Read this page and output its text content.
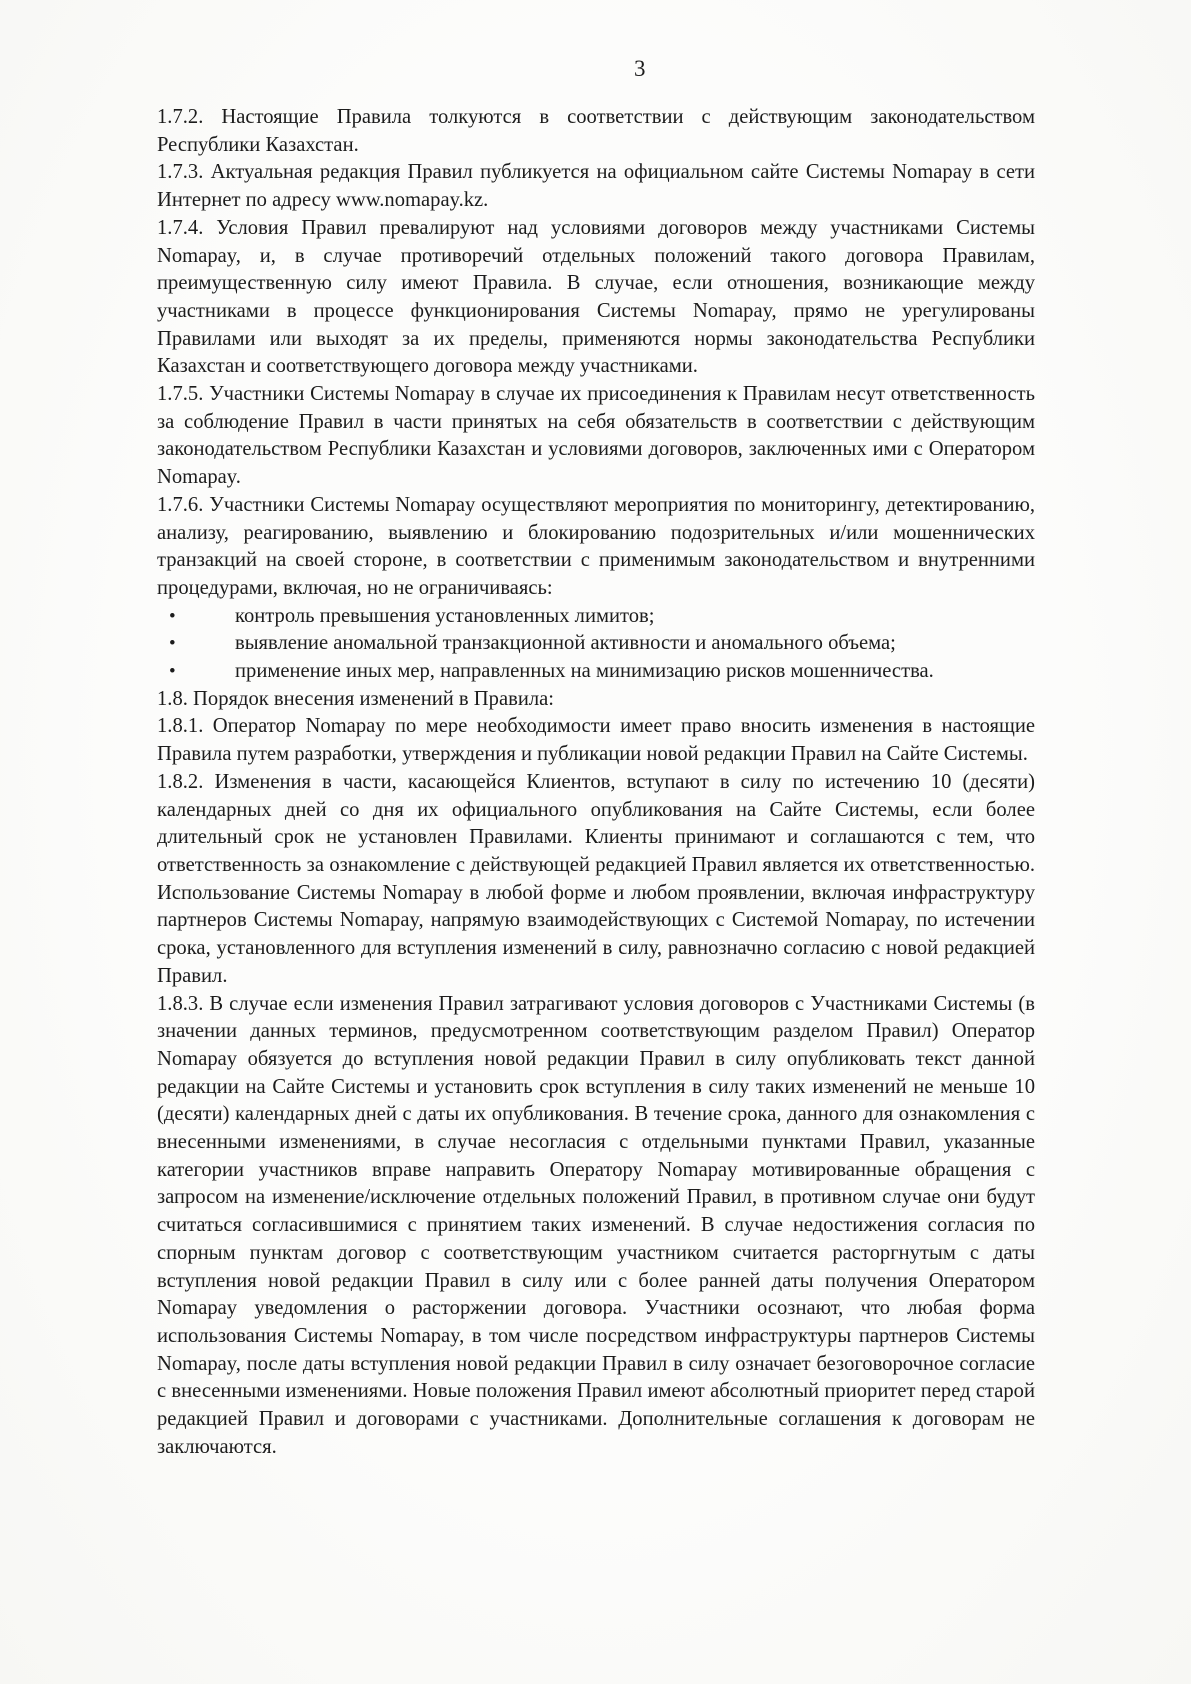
3

1.7.2. Настоящие Правила толкуются в соответствии с действующим законодательством Республики Казахстан.

1.7.3. Актуальная редакция Правил публикуется на официальном сайте Системы Nomapay в сети Интернет по адресу www.nomapay.kz.

1.7.4. Условия Правил превалируют над условиями договоров между участниками Системы Nomapay, и, в случае противоречий отдельных положений такого договора Правилам, преимущественную силу имеют Правила. В случае, если отношения, возникающие между участниками в процессе функционирования Системы Nomapay, прямо не урегулированы Правилами или выходят за их пределы, применяются нормы законодательства Республики Казахстан и соответствующего договора между участниками.

1.7.5. Участники Системы Nomapay в случае их присоединения к Правилам несут ответственность за соблюдение Правил в части принятых на себя обязательств в соответствии с действующим законодательством Республики Казахстан и условиями договоров, заключенных ими с Оператором Nomapay.

1.7.6. Участники Системы Nomapay осуществляют мероприятия по мониторингу, детектированию, анализу, реагированию, выявлению и блокированию подозрительных и/или мошеннических транзакций на своей стороне, в соответствии с применимым законодательством и внутренними процедурами, включая, но не ограничиваясь:

•	контроль превышения установленных лимитов;
•	выявление аномальной транзакционной активности и аномального объема;
•	применение иных мер, направленных на минимизацию рисков мошенничества.

1.8. Порядок внесения изменений в Правила:

1.8.1. Оператор Nomapay по мере необходимости имеет право вносить изменения в настоящие Правила путем разработки, утверждения и публикации новой редакции Правил на Сайте Системы.

1.8.2. Изменения в части, касающейся Клиентов, вступают в силу по истечению 10 (десяти) календарных дней со дня их официального опубликования на Сайте Системы, если более длительный срок не установлен Правилами. Клиенты принимают и соглашаются с тем, что ответственность за ознакомление с действующей редакцией Правил является их ответственностью. Использование Системы Nomapay в любой форме и любом проявлении, включая инфраструктуру партнеров Системы Nomapay, напрямую взаимодействующих с Системой Nomapay, по истечении срока, установленного для вступления изменений в силу, равнозначно согласию с новой редакцией Правил.

1.8.3. В случае если изменения Правил затрагивают условия договоров с Участниками Системы (в значении данных терминов, предусмотренном соответствующим разделом Правил) Оператор Nomapay обязуется до вступления новой редакции Правил в силу опубликовать текст данной редакции на Сайте Системы и установить срок вступления в силу таких изменений не меньше 10 (десяти) календарных дней с даты их опубликования. В течение срока, данного для ознакомления с внесенными изменениями, в случае несогласия с отдельными пунктами Правил, указанные категории участников вправе направить Оператору Nomapay мотивированные обращения с запросом на изменение/исключение отдельных положений Правил, в противном случае они будут считаться согласившимися с принятием таких изменений. В случае недостижения согласия по спорным пунктам договор с соответствующим участником считается расторгнутым с даты вступления новой редакции Правил в силу или с более ранней даты получения Оператором Nomapay уведомления о расторжении договора. Участники осознают, что любая форма использования Системы Nomapay, в том числе посредством инфраструктуры партнеров Системы Nomapay, после даты вступления новой редакции Правил в силу означает безоговорочное согласие с внесенными изменениями. Новые положения Правил имеют абсолютный приоритет перед старой редакцией Правил и договорами с участниками. Дополнительные соглашения к договорам не заключаются.
